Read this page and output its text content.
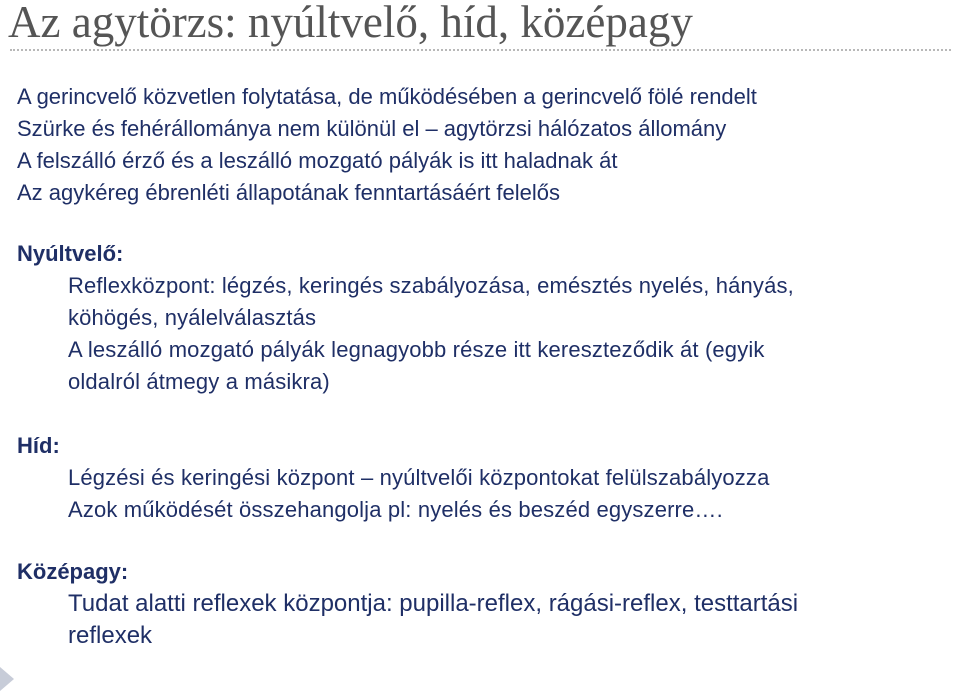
Az agytörzs: nyúltvelő, híd, középagy
A gerincvelő közvetlen folytatása, de működésében a gerincvelő fölé rendelt
Szürke és fehérállománya nem különül el – agytörzsi hálózatos állomány
A felszálló érző és a leszálló mozgató pályák is itt haladnak át
Az agykéreg ébrenléti állapotának fenntartásáért felelős
Nyúltvelő:
Reflexközpont: légzés, keringés szabályozása, emésztés nyelés, hányás,
köhögés, nyálelválasztás
A leszálló mozgató pályák legnagyobb része itt kereszteződik át (egyik
oldalról átmegy a másikra)
Híd:
Légzési és keringési központ – nyúltvelői központokat felülszabályozza
Azok működését összehangolja pl: nyelés és beszéd egyszerre….
Középagy:
Tudat alatti reflexek központja: pupilla-reflex, rágási-reflex, testtartási
reflexek
